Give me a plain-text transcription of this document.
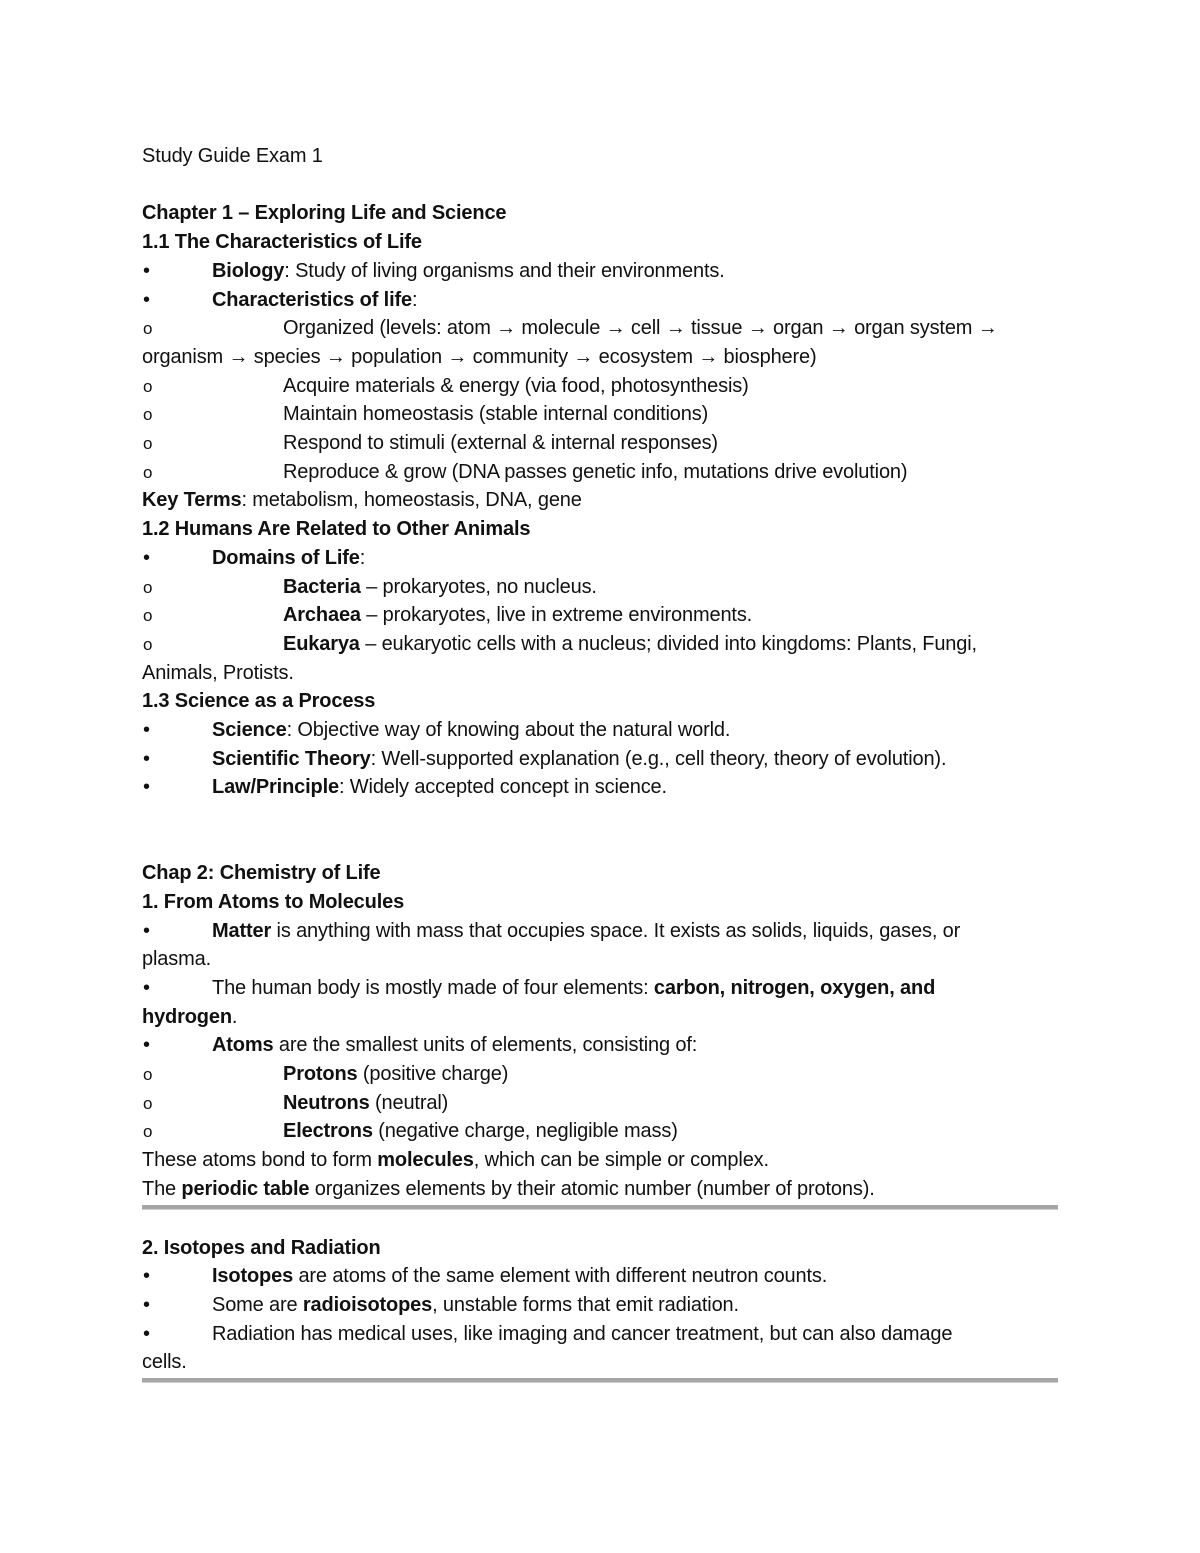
Study Guide Exam 1
Chapter 1 – Exploring Life and Science
1.1 The Characteristics of Life
•	Biology: Study of living organisms and their environments.
•	Characteristics of life:
o	Organized (levels: atom → molecule → cell → tissue → organ → organ system →
organism → species → population → community → ecosystem → biosphere)
o	Acquire materials & energy (via food, photosynthesis)
o	Maintain homeostasis (stable internal conditions)
o	Respond to stimuli (external & internal responses)
o	Reproduce & grow (DNA passes genetic info, mutations drive evolution)
Key Terms: metabolism, homeostasis, DNA, gene
1.2 Humans Are Related to Other Animals
•	Domains of Life:
o	Bacteria – prokaryotes, no nucleus.
o	Archaea – prokaryotes, live in extreme environments.
o	Eukarya – eukaryotic cells with a nucleus; divided into kingdoms: Plants, Fungi,
Animals, Protists.
1.3 Science as a Process
•	Science: Objective way of knowing about the natural world.
•	Scientific Theory: Well-supported explanation (e.g., cell theory, theory of evolution).
•	Law/Principle: Widely accepted concept in science.
Chap 2: Chemistry of Life
1. From Atoms to Molecules
•	Matter is anything with mass that occupies space. It exists as solids, liquids, gases, or
plasma.
•	The human body is mostly made of four elements: carbon, nitrogen, oxygen, and
hydrogen.
•	Atoms are the smallest units of elements, consisting of:
o	Protons (positive charge)
o	Neutrons (neutral)
o	Electrons (negative charge, negligible mass)
These atoms bond to form molecules, which can be simple or complex.
The periodic table organizes elements by their atomic number (number of protons).
2. Isotopes and Radiation
•	Isotopes are atoms of the same element with different neutron counts.
•	Some are radioisotopes, unstable forms that emit radiation.
•	Radiation has medical uses, like imaging and cancer treatment, but can also damage
cells.
